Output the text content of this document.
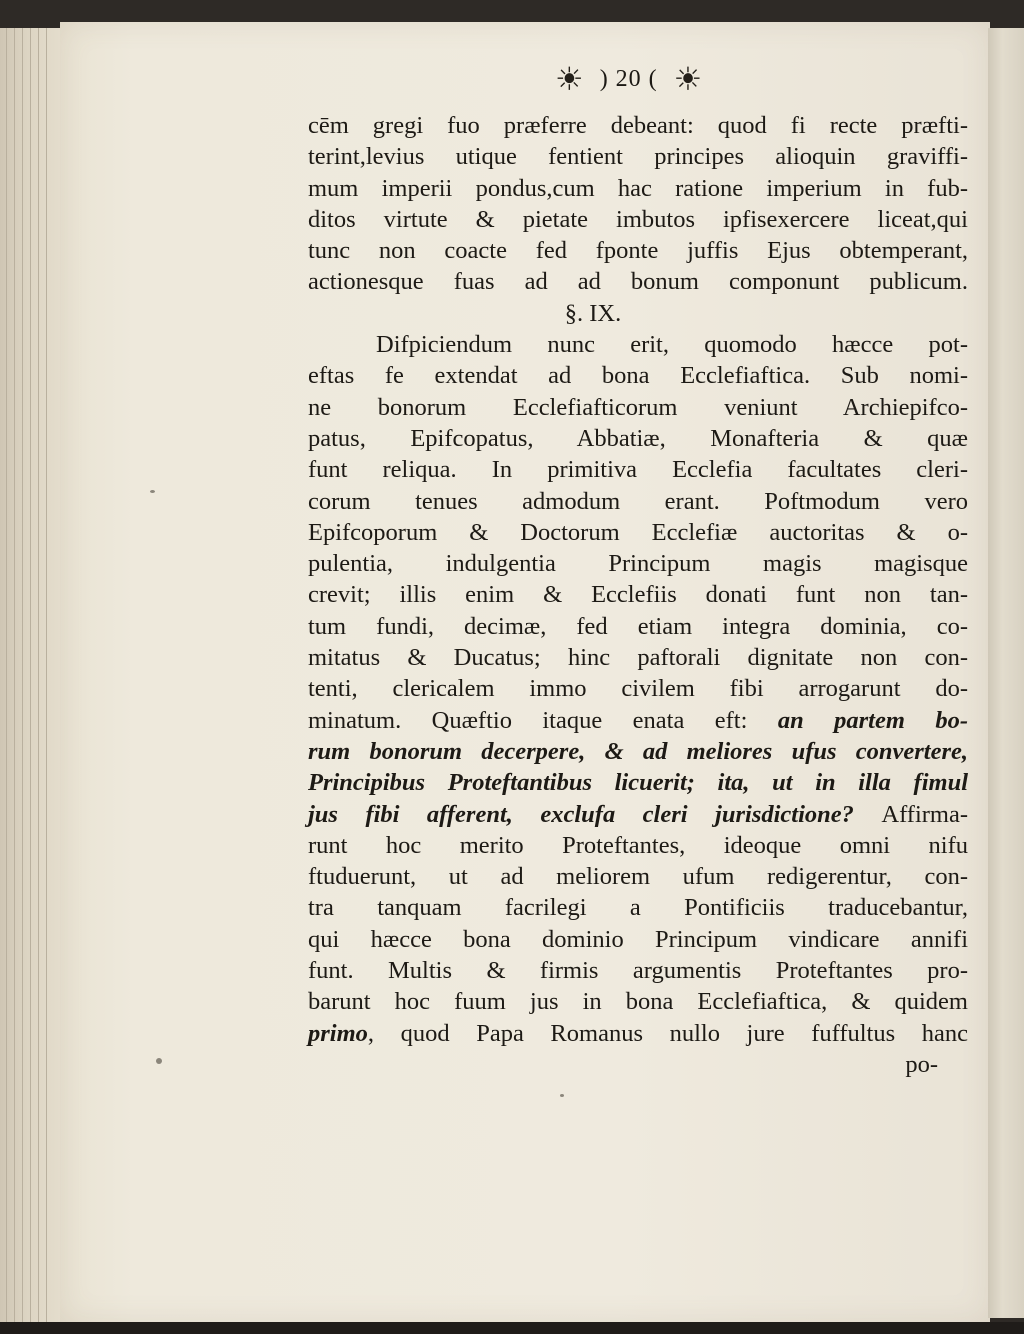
☀ ) 20 ( ☀
cēm gregi fuo præferre debeant: quod fi recte præfti-
terint,levius utique fentient principes alioquin graviffi-
mum imperii pondus,cum hac ratione imperium in fub-
ditos virtute & pietate imbutos ipfisexercere liceat,qui
tunc non coacte fed fponte juffis Ejus obtemperant,
actionesque fuas ad ad bonum componunt publicum.
§. IX.
Difpiciendum nunc erit, quomodo hæcce pot-
eftas fe extendat ad bona Ecclefiaftica. Sub nomi-
ne bonorum Ecclefiafticorum veniunt Archiepifco-
patus, Epifcopatus, Abbatiæ, Monafteria & quæ
funt reliqua. In primitiva Ecclefia facultates cleri-
corum tenues admodum erant. Poftmodum vero
Epifcoporum & Doctorum Ecclefiæ auctoritas & o-
pulentia, indulgentia Principum magis magisque
crevit; illis enim & Ecclefiis donati funt non tan-
tum fundi, decimæ, fed etiam integra dominia, co-
mitatus & Ducatus; hinc paftorali dignitate non con-
tenti, clericalem immo civilem fibi arrogarunt do-
minatum. Quæftio itaque enata eft: an partem bo-
rum bonorum decerpere, & ad meliores ufus convertere,
Principibus Proteftantibus licuerit; ita, ut in illa fimul
jus fibi afferent, exclufa cleri jurisdictione? Affirma-
runt hoc merito Proteftantes, ideoque omni nifu
ftuduerunt, ut ad meliorem ufum redigerentur, con-
tra tanquam facrilegi a Pontificiis traducebantur,
qui hæcce bona dominio Principum vindicare annifi
funt. Multis & firmis argumentis Proteftantes pro-
barunt hoc fuum jus in bona Ecclefiaftica, & quidem
primo, quod Papa Romanus nullo jure fuffultus hanc
po-
